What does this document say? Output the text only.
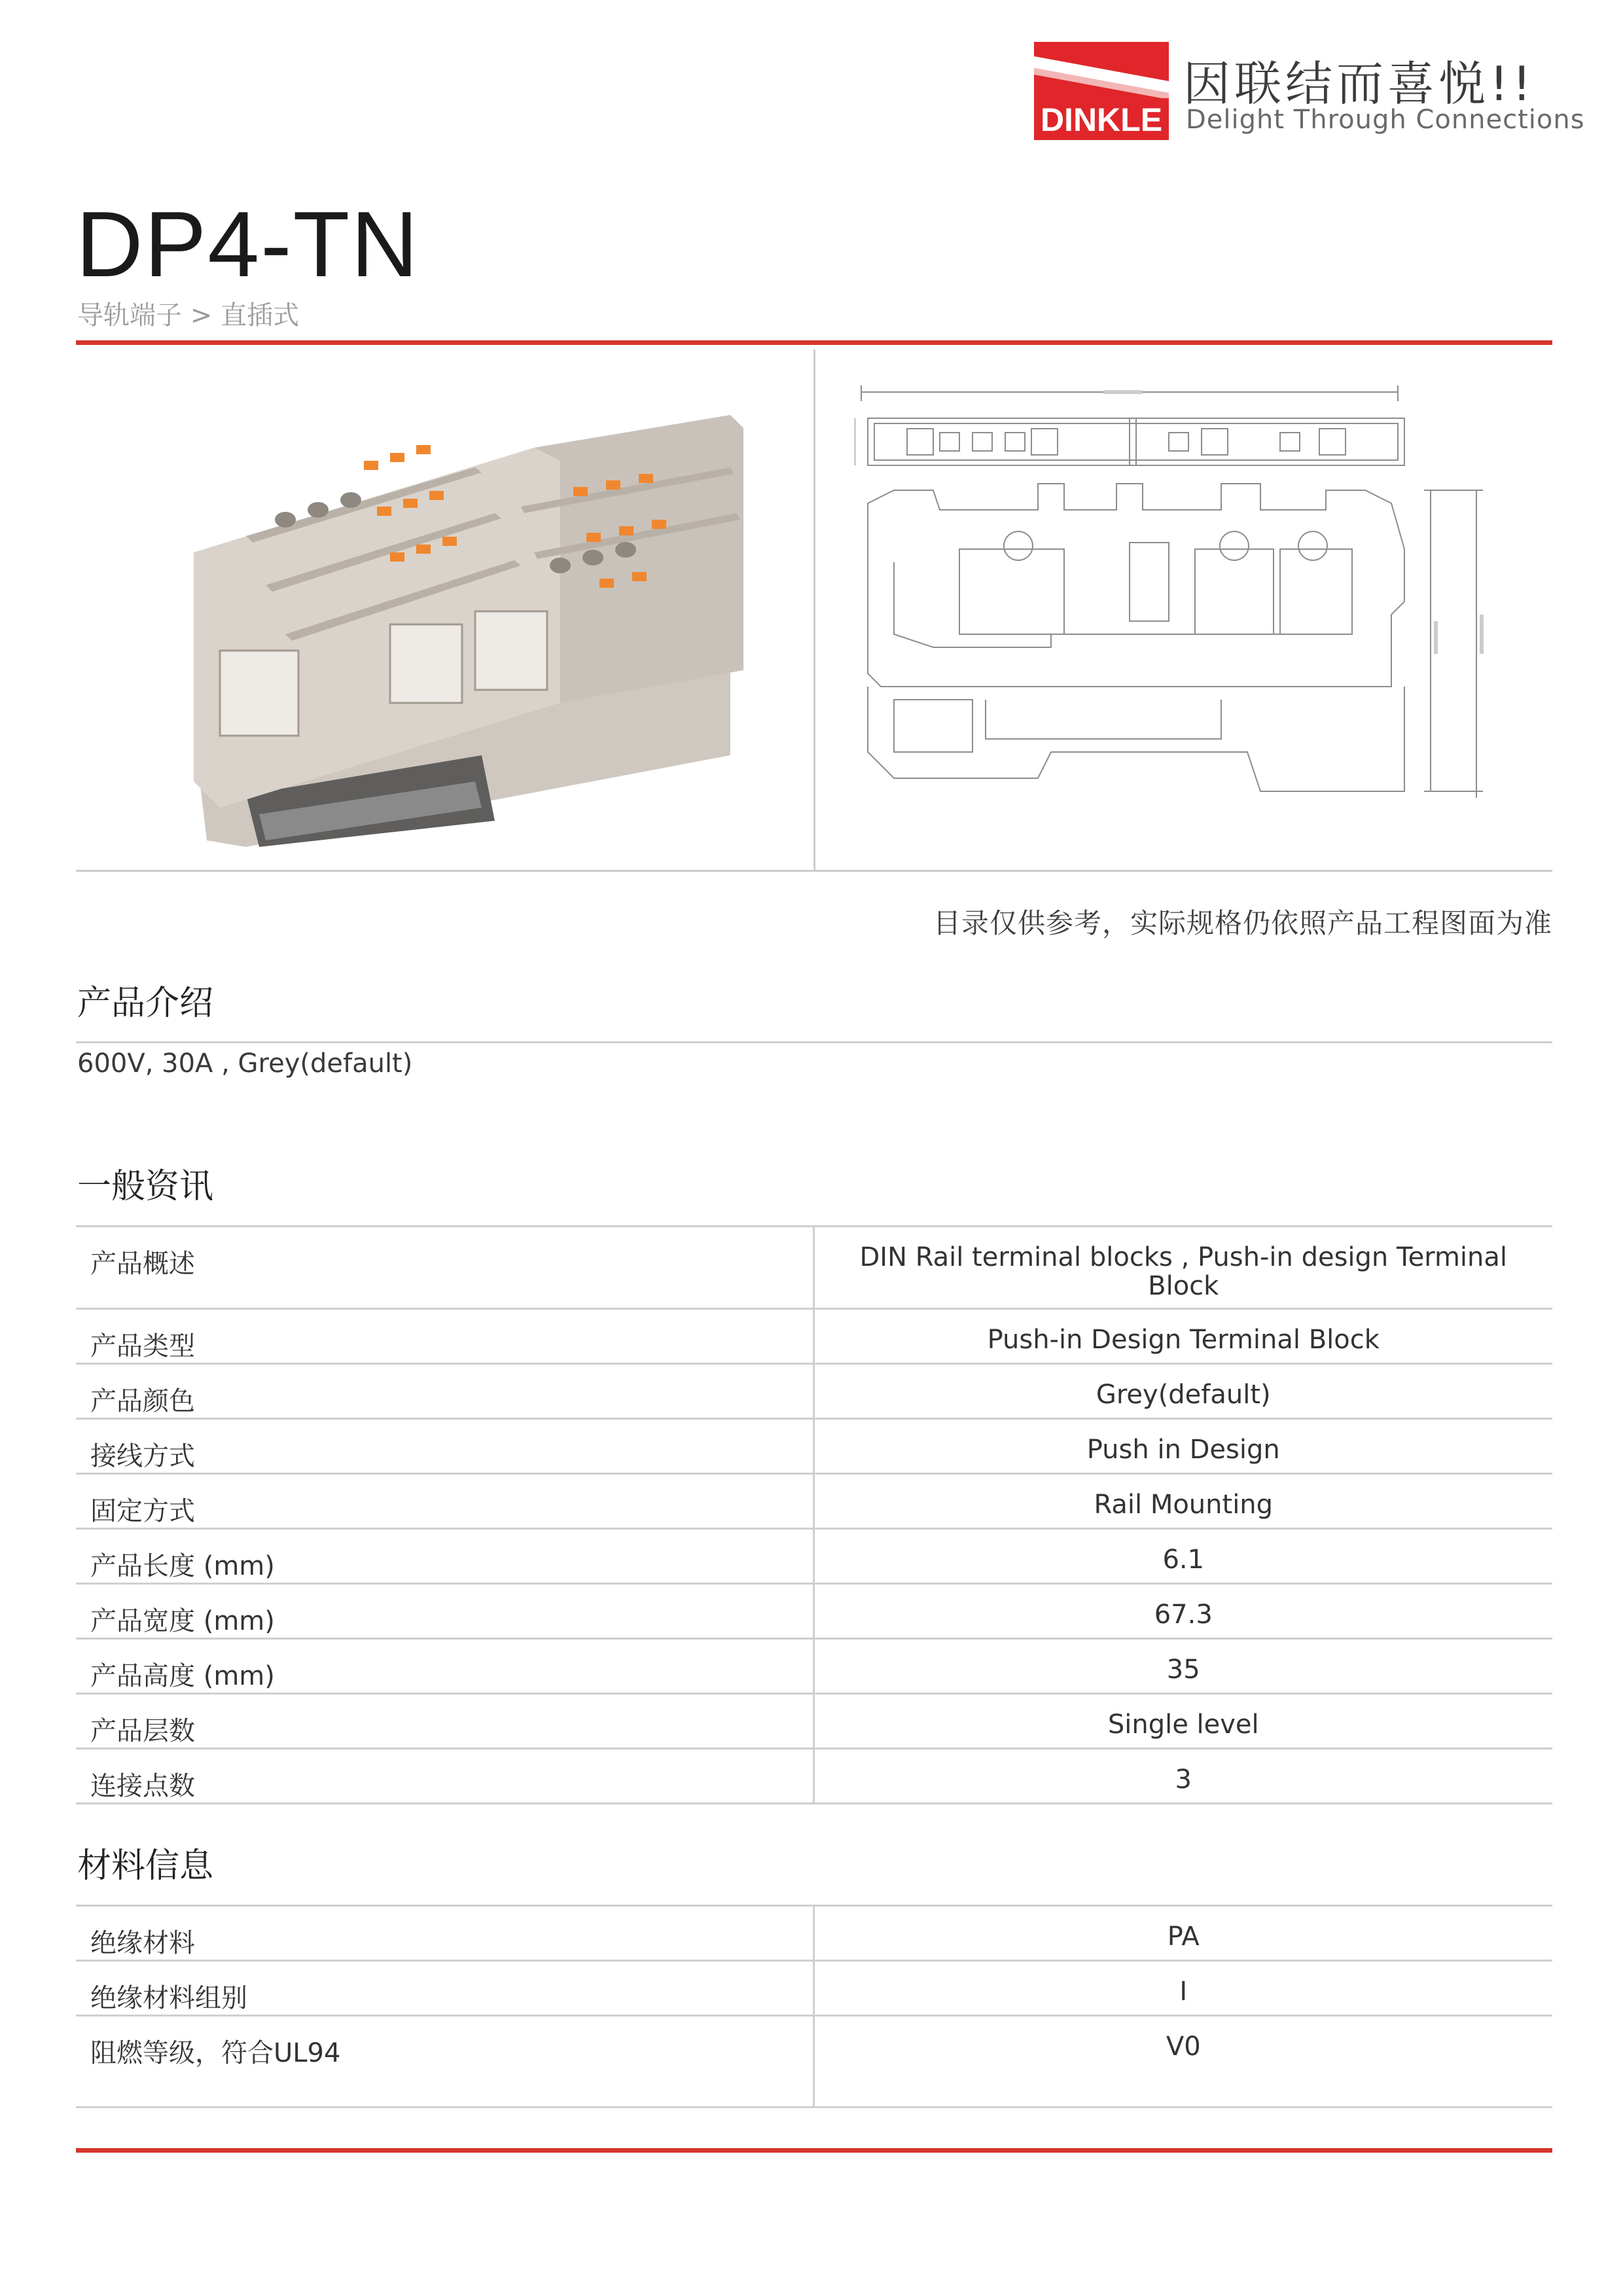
DINKLE
因联结而喜悦!!
Delight Through Connections
DP4-TN
导轨端子 > 直插式
目录仅供参考，实际规格仍依照产品工程图面为准
产品介绍
600V, 30A , Grey(default)
一般资讯
产品概述	DIN Rail terminal blocks , Push-in design Terminal Block
产品类型	Push-in Design Terminal Block
产品颜色	Grey(default)
接线方式	Push in Design
固定方式	Rail Mounting
产品长度 (mm)	6.1
产品宽度 (mm)	67.3
产品高度 (mm)	35
产品层数	Single level
连接点数	3
材料信息
绝缘材料	PA
绝缘材料组别	I
阻燃等级，符合UL94	V0
